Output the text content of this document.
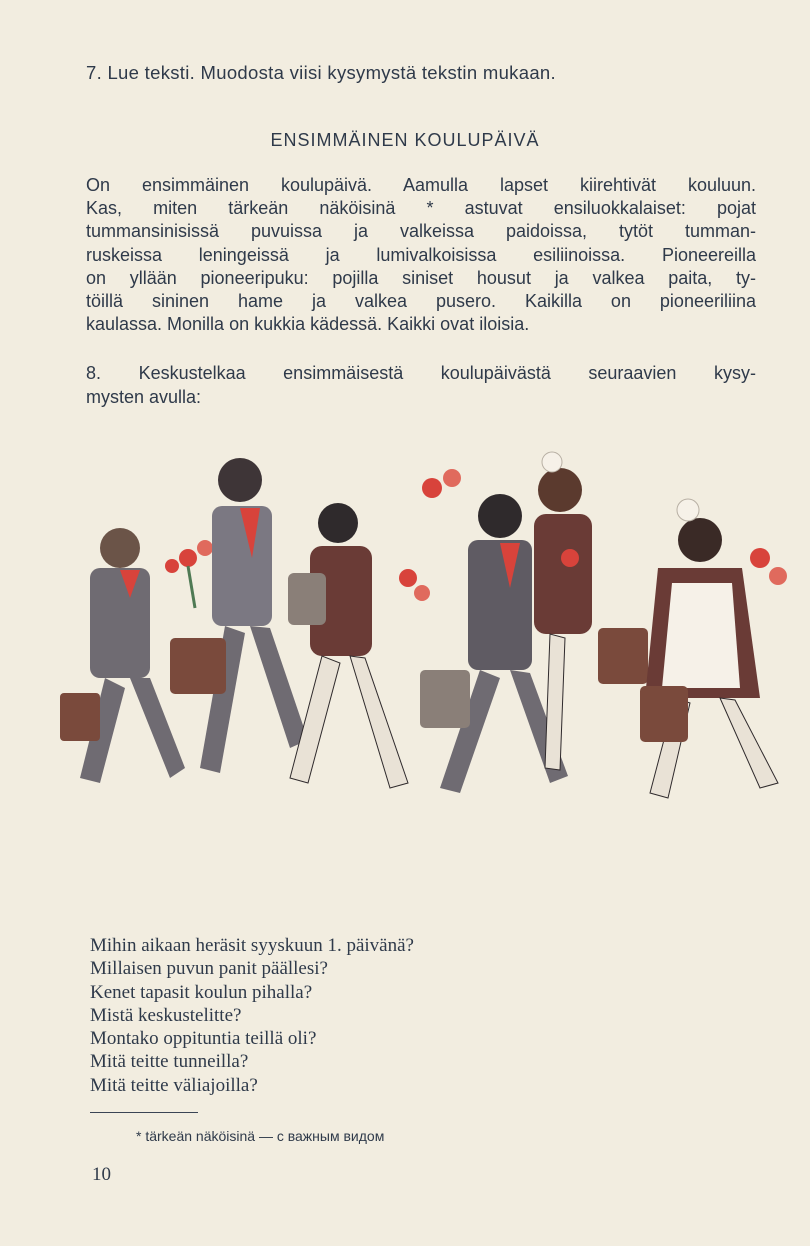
7. Lue teksti. Muodosta viisi kysymystä tekstin mukaan.
ENSIMMÄINEN KOULUPÄIVÄ
On ensimmäinen koulupäivä. Aamulla lapset kiirehtivät kouluun.
Kas, miten tärkeän näköisinä * astuvat ensiluokkalaiset: pojat
tummansinisissä puvuissa ja valkeissa paidoissa, tytöt tumman-
ruskeissa leningeissä ja lumivalkoisissa esiliinoissa. Pioneereilla
on yllään pioneeripuku: pojilla siniset housut ja valkea paita, ty-
töillä sininen hame ja valkea pusero. Kaikilla on pioneeriliina
kaulassa. Monilla on kukkia kädessä. Kaikki ovat iloisia.
8. Keskustelkaa ensimmäisestä koulupäivästä seuraavien kysy-
mysten avulla:
Mihin aikaan heräsit syyskuun 1. päivänä?
Millaisen puvun panit päällesi?
Kenet tapasit koulun pihalla?
Mistä keskustelitte?
Montako oppituntia teillä oli?
Mitä teitte tunneilla?
Mitä teitte väliajoilla?
* tärkeän näköisinä — с важным видом
10
